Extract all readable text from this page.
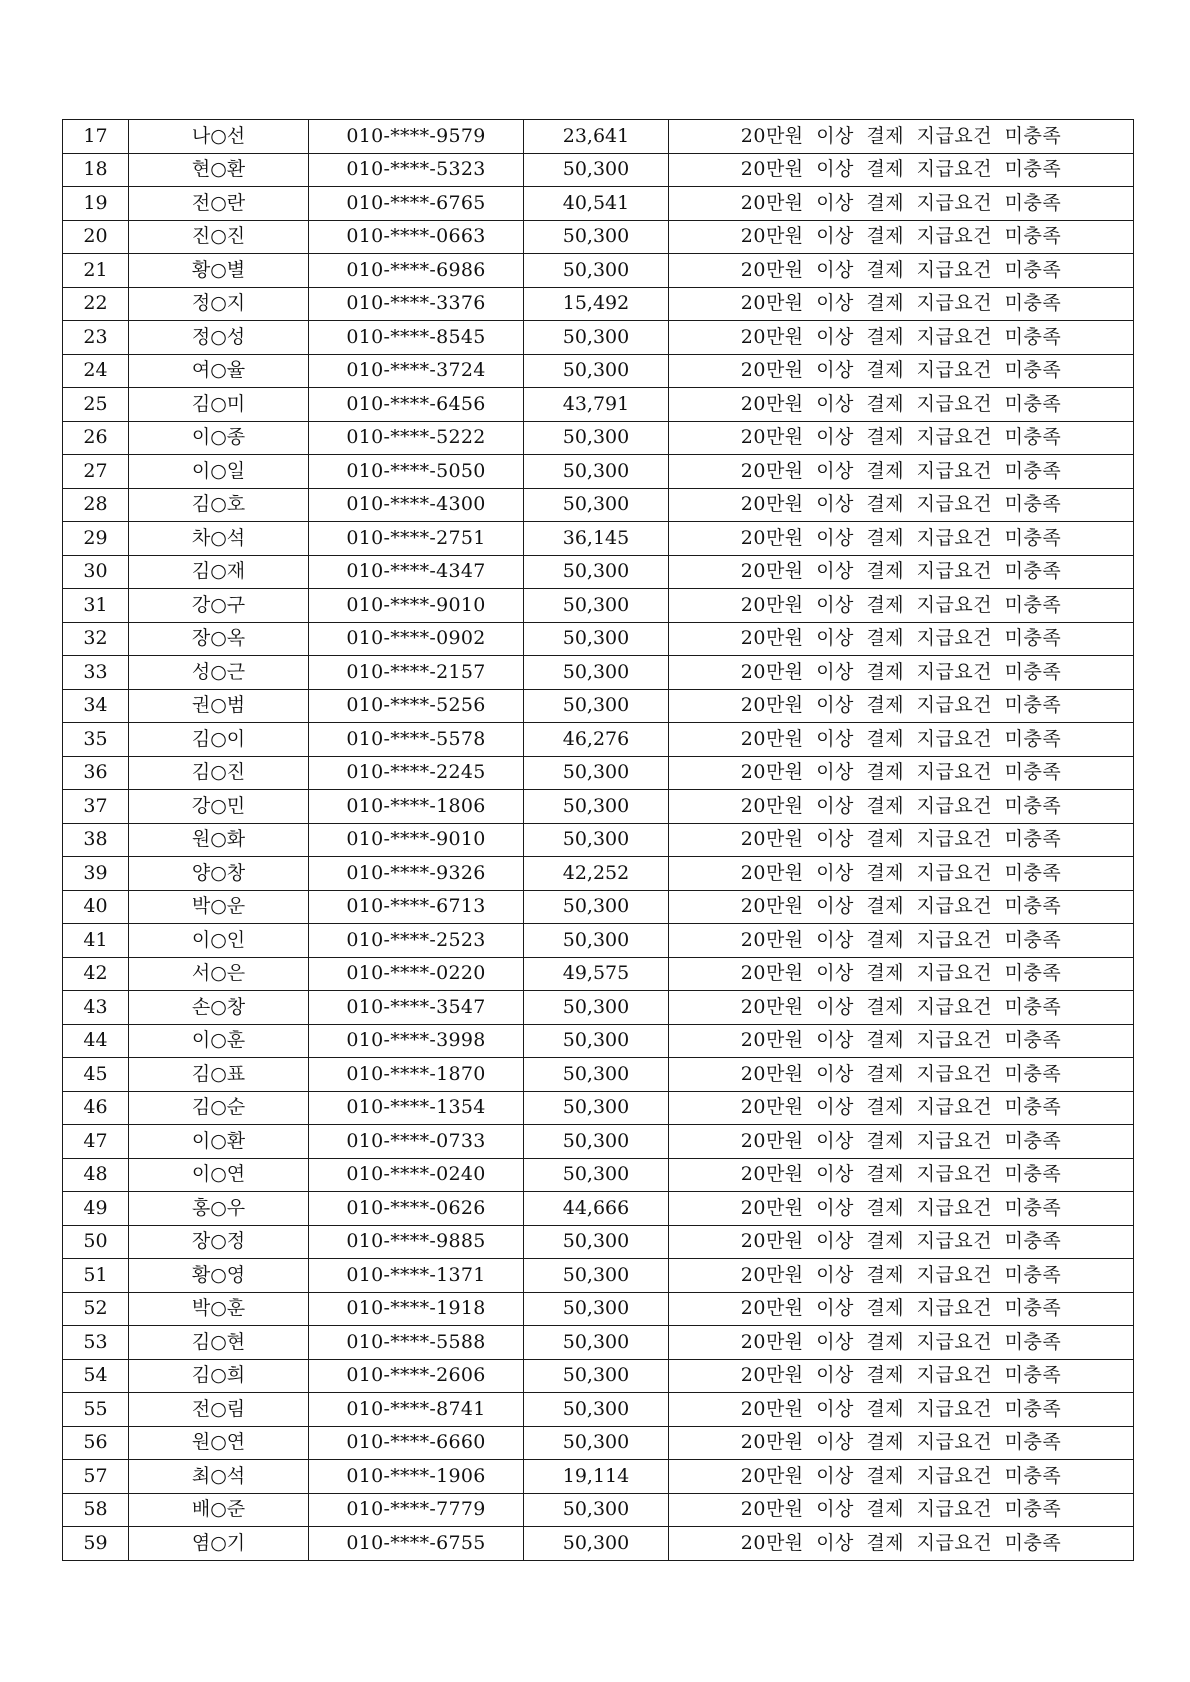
17	나○선	010-****-9579	23,641	20만원 이상 결제 지급요건 미충족
18	현○환	010-****-5323	50,300	20만원 이상 결제 지급요건 미충족
19	전○란	010-****-6765	40,541	20만원 이상 결제 지급요건 미충족
20	진○진	010-****-0663	50,300	20만원 이상 결제 지급요건 미충족
21	황○별	010-****-6986	50,300	20만원 이상 결제 지급요건 미충족
22	정○지	010-****-3376	15,492	20만원 이상 결제 지급요건 미충족
23	정○성	010-****-8545	50,300	20만원 이상 결제 지급요건 미충족
24	여○율	010-****-3724	50,300	20만원 이상 결제 지급요건 미충족
25	김○미	010-****-6456	43,791	20만원 이상 결제 지급요건 미충족
26	이○종	010-****-5222	50,300	20만원 이상 결제 지급요건 미충족
27	이○일	010-****-5050	50,300	20만원 이상 결제 지급요건 미충족
28	김○호	010-****-4300	50,300	20만원 이상 결제 지급요건 미충족
29	차○석	010-****-2751	36,145	20만원 이상 결제 지급요건 미충족
30	김○재	010-****-4347	50,300	20만원 이상 결제 지급요건 미충족
31	강○구	010-****-9010	50,300	20만원 이상 결제 지급요건 미충족
32	장○옥	010-****-0902	50,300	20만원 이상 결제 지급요건 미충족
33	성○근	010-****-2157	50,300	20만원 이상 결제 지급요건 미충족
34	권○범	010-****-5256	50,300	20만원 이상 결제 지급요건 미충족
35	김○이	010-****-5578	46,276	20만원 이상 결제 지급요건 미충족
36	김○진	010-****-2245	50,300	20만원 이상 결제 지급요건 미충족
37	강○민	010-****-1806	50,300	20만원 이상 결제 지급요건 미충족
38	원○화	010-****-9010	50,300	20만원 이상 결제 지급요건 미충족
39	양○창	010-****-9326	42,252	20만원 이상 결제 지급요건 미충족
40	박○운	010-****-6713	50,300	20만원 이상 결제 지급요건 미충족
41	이○인	010-****-2523	50,300	20만원 이상 결제 지급요건 미충족
42	서○은	010-****-0220	49,575	20만원 이상 결제 지급요건 미충족
43	손○창	010-****-3547	50,300	20만원 이상 결제 지급요건 미충족
44	이○훈	010-****-3998	50,300	20만원 이상 결제 지급요건 미충족
45	김○표	010-****-1870	50,300	20만원 이상 결제 지급요건 미충족
46	김○순	010-****-1354	50,300	20만원 이상 결제 지급요건 미충족
47	이○환	010-****-0733	50,300	20만원 이상 결제 지급요건 미충족
48	이○연	010-****-0240	50,300	20만원 이상 결제 지급요건 미충족
49	홍○우	010-****-0626	44,666	20만원 이상 결제 지급요건 미충족
50	장○정	010-****-9885	50,300	20만원 이상 결제 지급요건 미충족
51	황○영	010-****-1371	50,300	20만원 이상 결제 지급요건 미충족
52	박○훈	010-****-1918	50,300	20만원 이상 결제 지급요건 미충족
53	김○현	010-****-5588	50,300	20만원 이상 결제 지급요건 미충족
54	김○희	010-****-2606	50,300	20만원 이상 결제 지급요건 미충족
55	전○림	010-****-8741	50,300	20만원 이상 결제 지급요건 미충족
56	원○연	010-****-6660	50,300	20만원 이상 결제 지급요건 미충족
57	최○석	010-****-1906	19,114	20만원 이상 결제 지급요건 미충족
58	배○준	010-****-7779	50,300	20만원 이상 결제 지급요건 미충족
59	염○기	010-****-6755	50,300	20만원 이상 결제 지급요건 미충족
